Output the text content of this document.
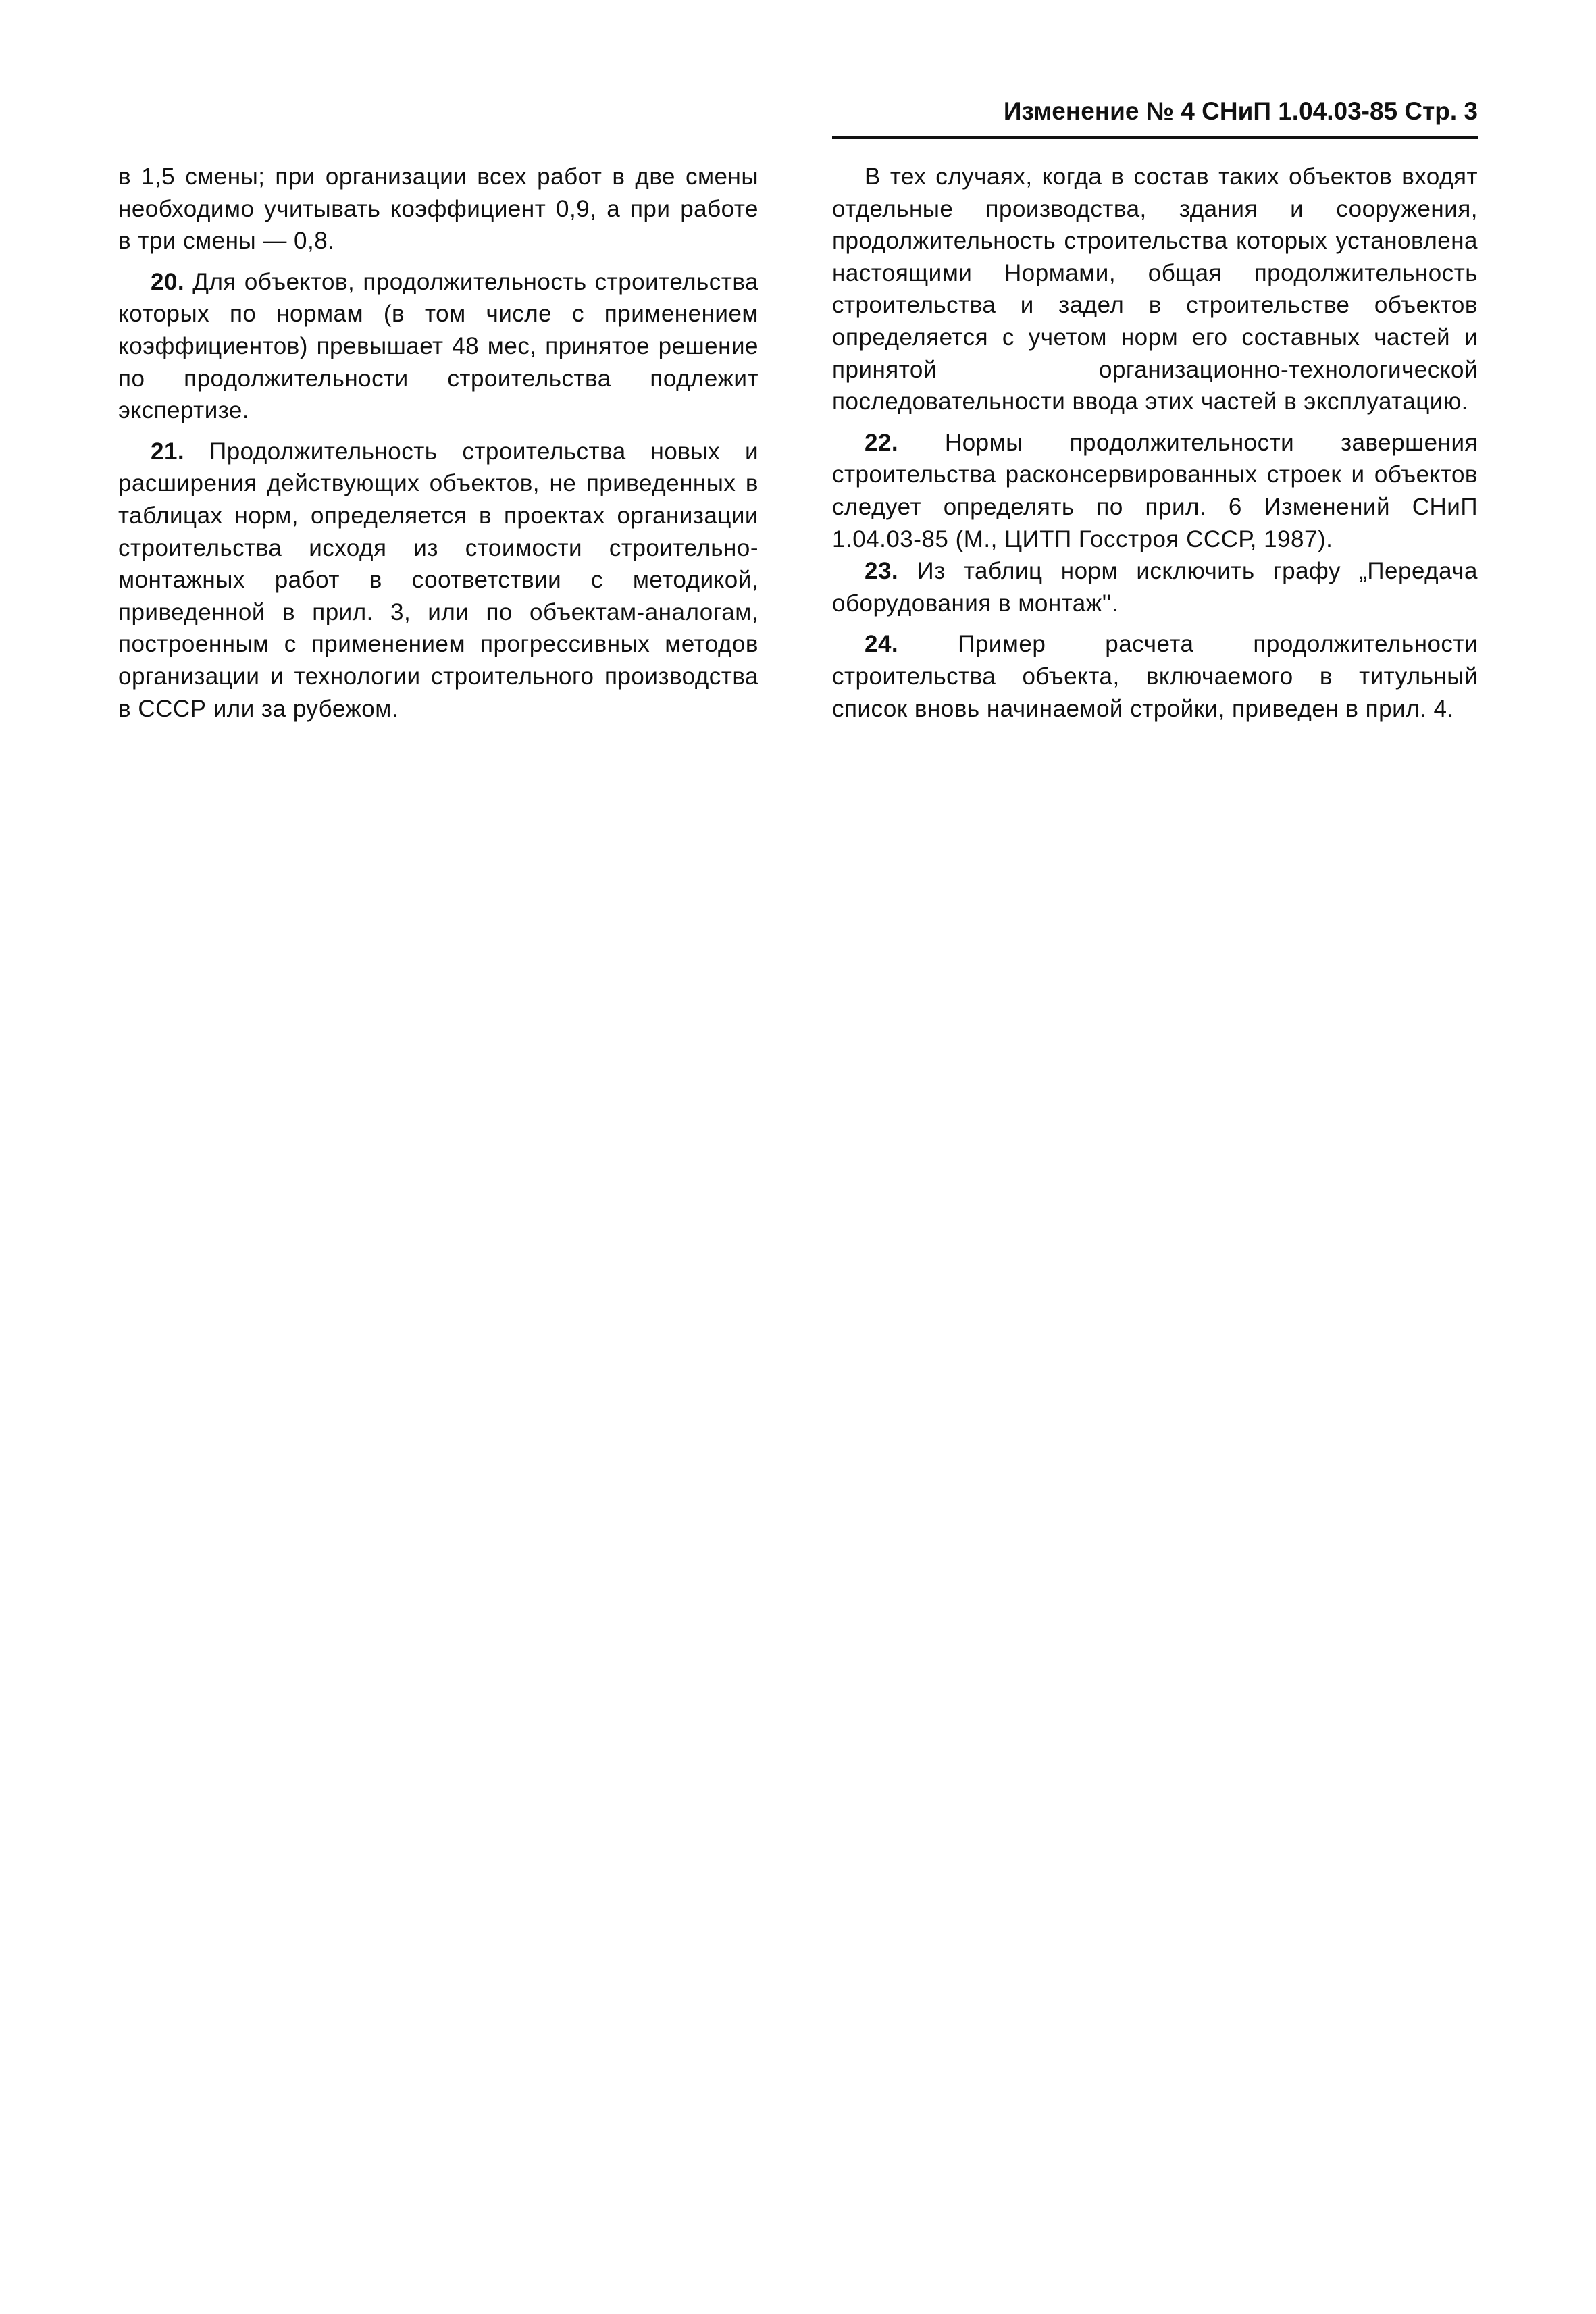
Изменение № 4 СНиП 1.04.03-85 Стр. 3

в 1,5 смены; при организации всех работ в две смены необходимо учитывать коэффициент 0,9, а при работе в три смены — 0,8.

20. Для объектов, продолжительность строительства которых по нормам (в том числе с применением коэффициентов) превышает 48 мес, принятое решение по продолжительности строительства подлежит экспертизе.

21. Продолжительность строительства новых и расширения действующих объектов, не приведенных в таблицах норм, определяется в проектах организации строительства исходя из стоимости строительно-монтажных работ в соответствии с методикой, приведенной в прил. 3, или по объектам-аналогам, построенным с применением прогрессивных методов организации и технологии строительного производства в СССР или за рубежом.

В тех случаях, когда в состав таких объектов входят отдельные производства, здания и сооружения, продолжительность строительства которых установлена настоящими Нормами, общая продолжительность строительства и задел в строительстве объектов определяется с учетом норм его составных частей и принятой организационно-технологической последовательности ввода этих частей в эксплуатацию.

22. Нормы продолжительности завершения строительства расконсервированных строек и объектов следует определять по прил. 6 Изменений СНиП 1.04.03-85 (М., ЦИТП Госстроя СССР, 1987).

23. Из таблиц норм исключить графу „Передача оборудования в монтаж''.

24.	Пример расчета продолжительности строительства объекта, включаемого в титульный список вновь начинаемой стройки, приведен в прил. 4.
